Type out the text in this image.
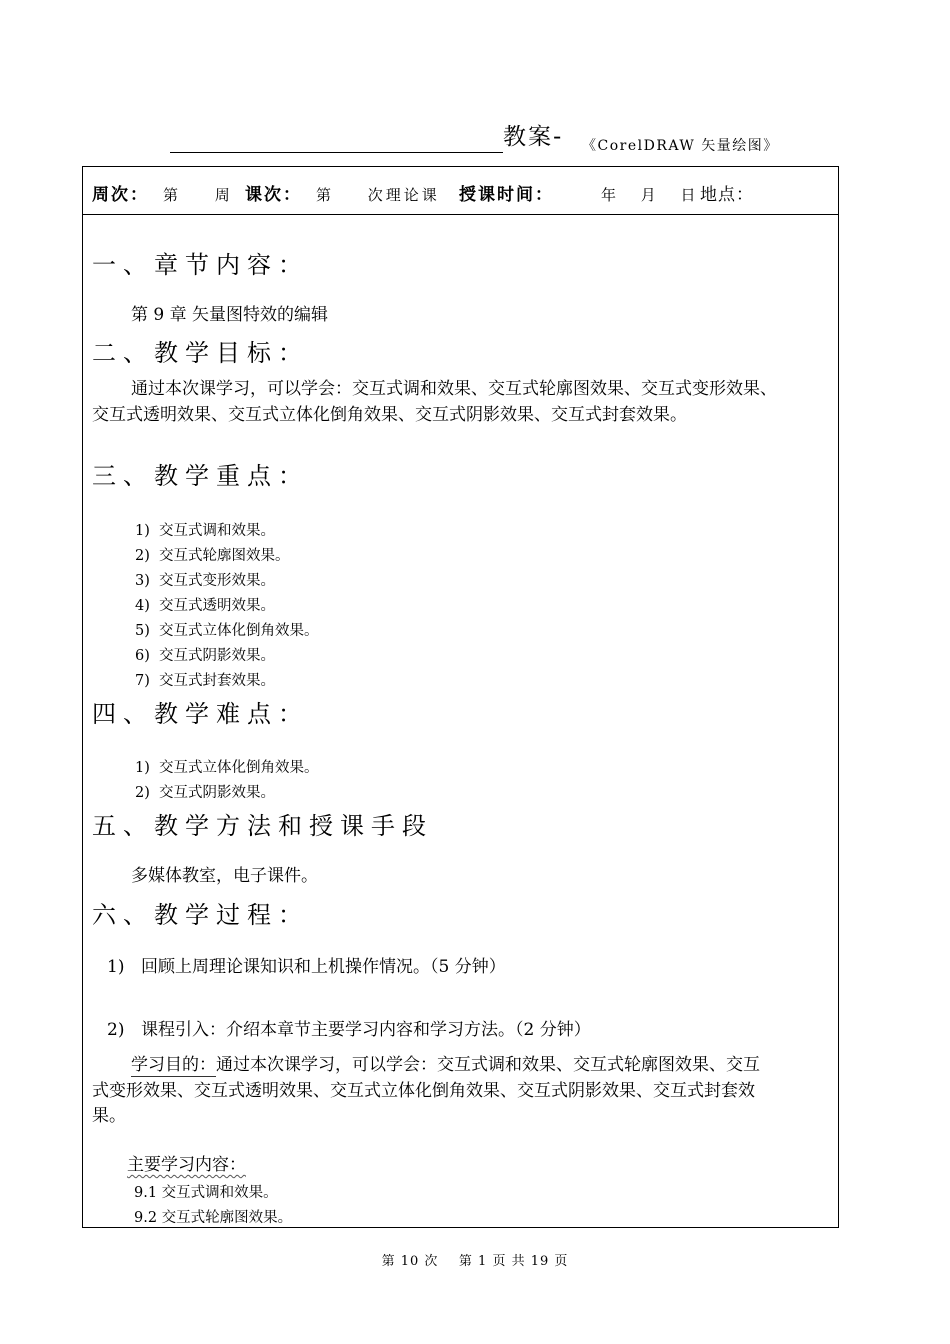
教案- 《CorelDRAW 矢量绘图》
周次： 第 周 课次： 第 次理论课 授课时间：	年 月 日 地点：
一、章节内容：
第 9 章 矢量图特效的编辑
二、教学目标：
通过本次课学习，可以学会：交互式调和效果、交互式轮廓图效果、交互式变形效果、
交互式透明效果、交互式立体化倒角效果、交互式阴影效果、交互式封套效果。
三、教学重点：
1) 交互式调和效果。
2) 交互式轮廓图效果。
3) 交互式变形效果。
4) 交互式透明效果。
5) 交互式立体化倒角效果。
6) 交互式阴影效果。
7) 交互式封套效果。
四、教学难点：
1) 交互式立体化倒角效果。
2) 交互式阴影效果。
五、教学方法和授课手段
多媒体教室，电子课件。
六、教学过程：
1) 回顾上周理论课知识和上机操作情况。（5 分钟）
2) 课程引入：介绍本章节主要学习内容和学习方法。（2 分钟）
学习目的：通过本次课学习，可以学会：交互式调和效果、交互式轮廓图效果、交互
式变形效果、交互式透明效果、交互式立体化倒角效果、交互式阴影效果、交互式封套效
果。
主要学习内容：
9.1 交互式调和效果。
9.2 交互式轮廓图效果。
第 10 次    第 1 页 共 19 页
